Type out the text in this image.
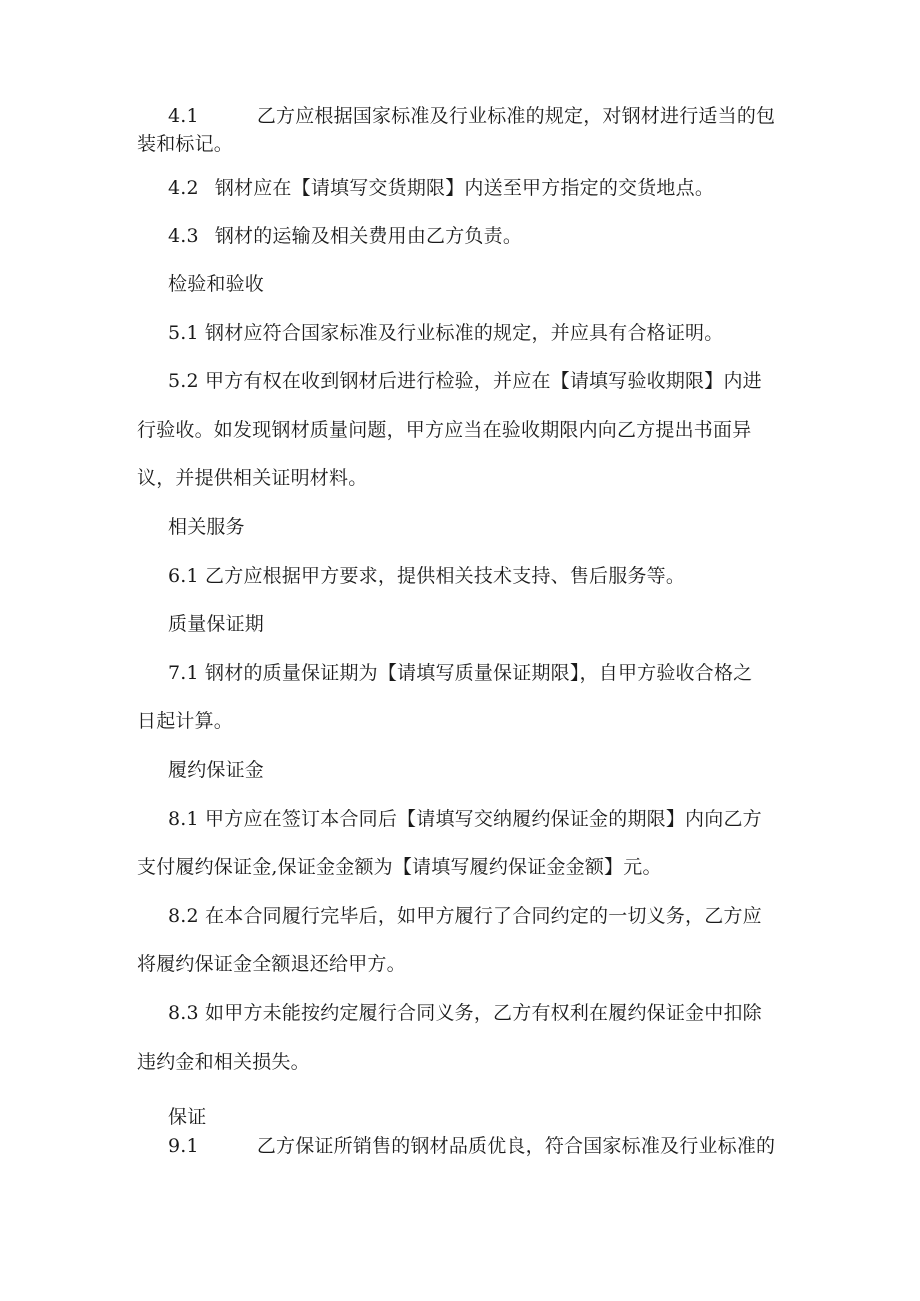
4.1	乙方应根据国家标准及行业标准的规定，对钢材进行适当的包
装和标记。
4.2 钢材应在【请填写交货期限】内送至甲方指定的交货地点。
4.3 钢材的运输及相关费用由乙方负责。
检验和验收
5.1 钢材应符合国家标准及行业标准的规定，并应具有合格证明。
5.2 甲方有权在收到钢材后进行检验，并应在【请填写验收期限】内进
行验收。如发现钢材质量问题，甲方应当在验收期限内向乙方提出书面异
议，并提供相关证明材料。
相关服务
6.1 乙方应根据甲方要求，提供相关技术支持、售后服务等。
质量保证期
7.1 钢材的质量保证期为【请填写质量保证期限】，自甲方验收合格之
日起计算。
履约保证金
8.1 甲方应在签订本合同后【请填写交纳履约保证金的期限】内向乙方
支付履约保证金,保证金金额为【请填写履约保证金金额】元。
8.2 在本合同履行完毕后，如甲方履行了合同约定的一切义务，乙方应
将履约保证金全额退还给甲方。
8.3 如甲方未能按约定履行合同义务，乙方有权利在履约保证金中扣除
违约金和相关损失。
保证
9.1	乙方保证所销售的钢材品质优良，符合国家标准及行业标准的
